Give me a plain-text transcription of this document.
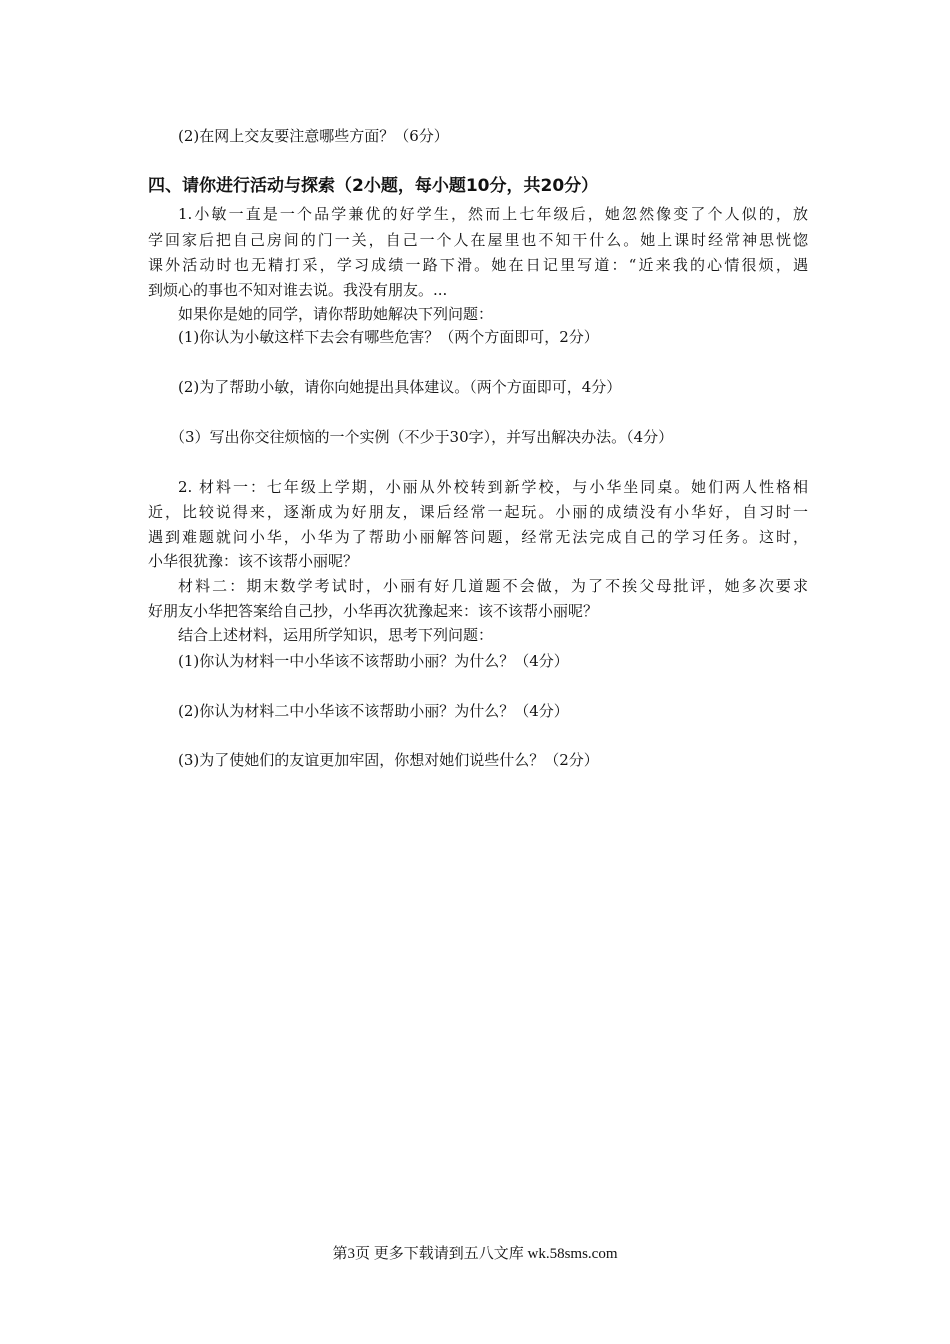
(2)在网上交友要注意哪些方面？（6分）
四、请你进行活动与探索（2小题，每小题10分，共20分）
1.小敏一直是一个品学兼优的好学生，然而上七年级后，她忽然像变了个人似的，放
学回家后把自己房间的门一关，自己一个人在屋里也不知干什么。她上课时经常神思恍惚
课外活动时也无精打采，学习成绩一路下滑。她在日记里写道：“近来我的心情很烦，遇
到烦心的事也不知对谁去说。我没有朋友。...
如果你是她的同学，请你帮助她解决下列问题：
(1)你认为小敏这样下去会有哪些危害？（两个方面即可，2分）
(2)为了帮助小敏，请你向她提出具体建议。（两个方面即可，4分）
（3）写出你交往烦恼的一个实例（不少于30字），并写出解决办法。（4分）
2. 材料一：七年级上学期，小丽从外校转到新学校，与小华坐同桌。她们两人性格相
近，比较说得来，逐渐成为好朋友，课后经常一起玩。小丽的成绩没有小华好，自习时一
遇到难题就问小华，小华为了帮助小丽解答问题，经常无法完成自己的学习任务。这时，
小华很犹豫：该不该帮小丽呢？
材料二：期末数学考试时，小丽有好几道题不会做，为了不挨父母批评，她多次要求
好朋友小华把答案给自己抄，小华再次犹豫起来：该不该帮小丽呢？
结合上述材料，运用所学知识，思考下列问题：
(1)你认为材料一中小华该不该帮助小丽？为什么？（4分）
(2)你认为材料二中小华该不该帮助小丽？为什么？（4分）
(3)为了使她们的友谊更加牢固，你想对她们说些什么？（2分）
第3页 更多下载请到五八文库 wk.58sms.com
